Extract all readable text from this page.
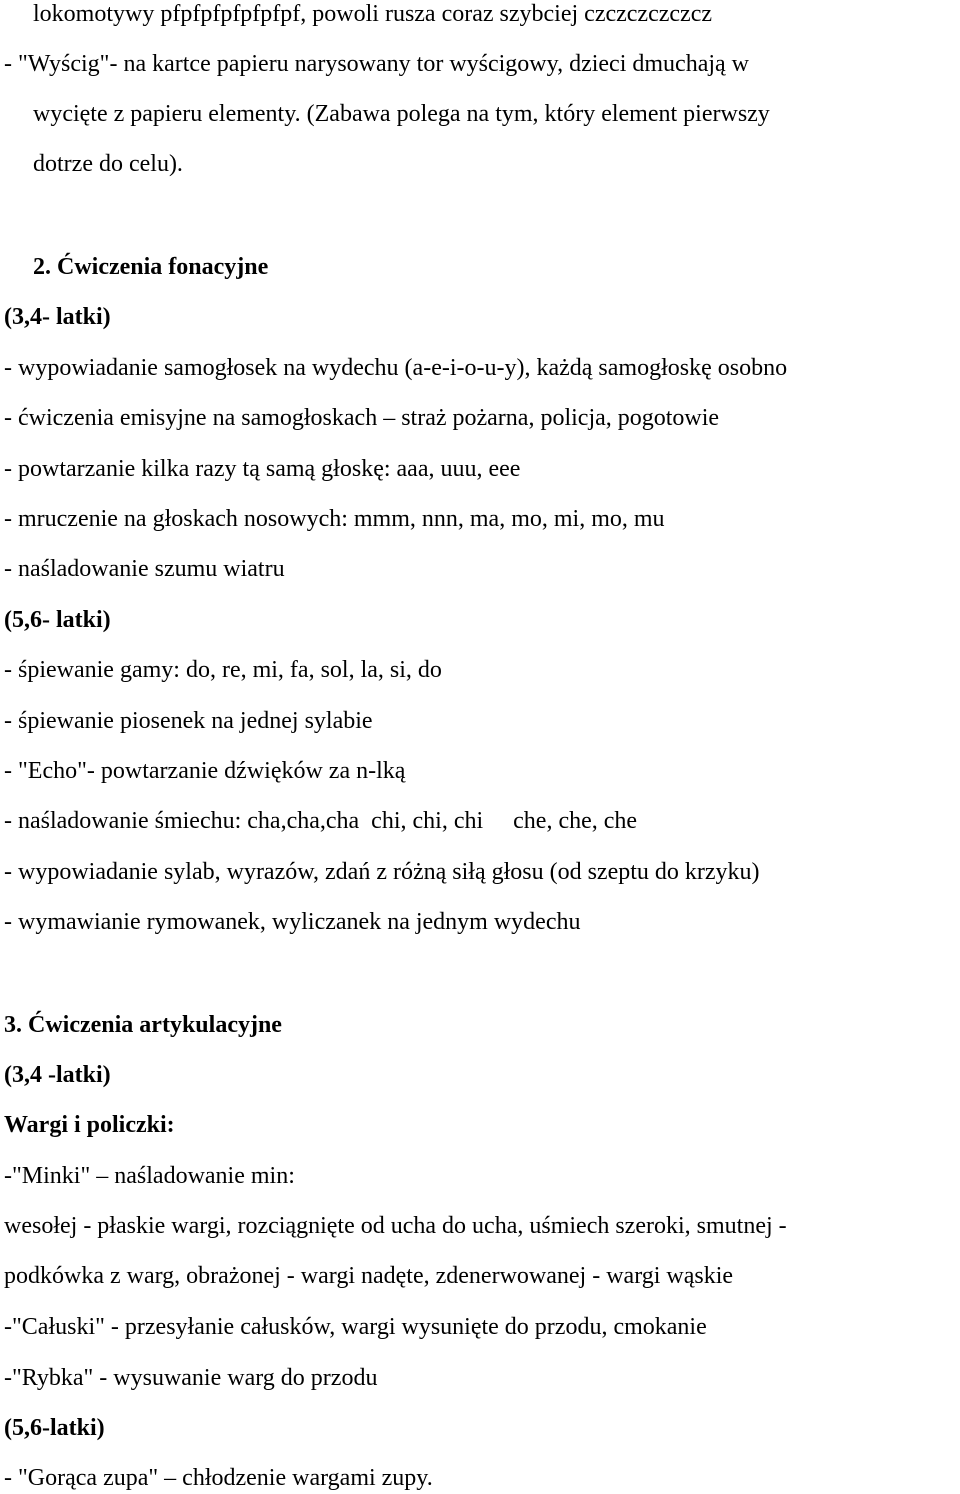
lokomotywy pfpfpfpfpfpfpf, powoli rusza coraz szybciej czczczczczcz
- "Wyścig"- na kartce papieru narysowany tor wyścigowy, dzieci dmuchają w
wycięte z papieru elementy. (Zabawa polega na tym, który element pierwszy
dotrze do celu).
2. Ćwiczenia fonacyjne
(3,4- latki)
- wypowiadanie samogłosek na wydechu (a-e-i-o-u-y), każdą samogłoskę osobno
- ćwiczenia emisyjne na samogłoskach – straż pożarna, policja, pogotowie
- powtarzanie kilka razy tą samą głoskę: aaa, uuu, eee
- mruczenie na głoskach nosowych: mmm, nnn, ma, mo, mi, mo, mu
- naśladowanie szumu wiatru
(5,6- latki)
- śpiewanie gamy: do, re, mi, fa, sol, la, si, do
- śpiewanie piosenek na jednej sylabie
- "Echo"- powtarzanie dźwięków za n-lką
- naśladowanie śmiechu: cha,cha,cha  chi, chi, chi     che, che, che
- wypowiadanie sylab, wyrazów, zdań z różną siłą głosu (od szeptu do krzyku)
- wymawianie rymowanek, wyliczanek na jednym wydechu
3. Ćwiczenia artykulacyjne
(3,4 -latki)
Wargi i policzki:
-"Minki" – naśladowanie min:
wesołej - płaskie wargi, rozciągnięte od ucha do ucha, uśmiech szeroki, smutnej -
podkówka z warg, obrażonej - wargi nadęte, zdenerwowanej - wargi wąskie
-"Całuski" - przesyłanie całusków, wargi wysunięte do przodu, cmokanie
-"Rybka" - wysuwanie warg do przodu
(5,6-latki)
- "Gorąca zupa" – chłodzenie wargami zupy.
